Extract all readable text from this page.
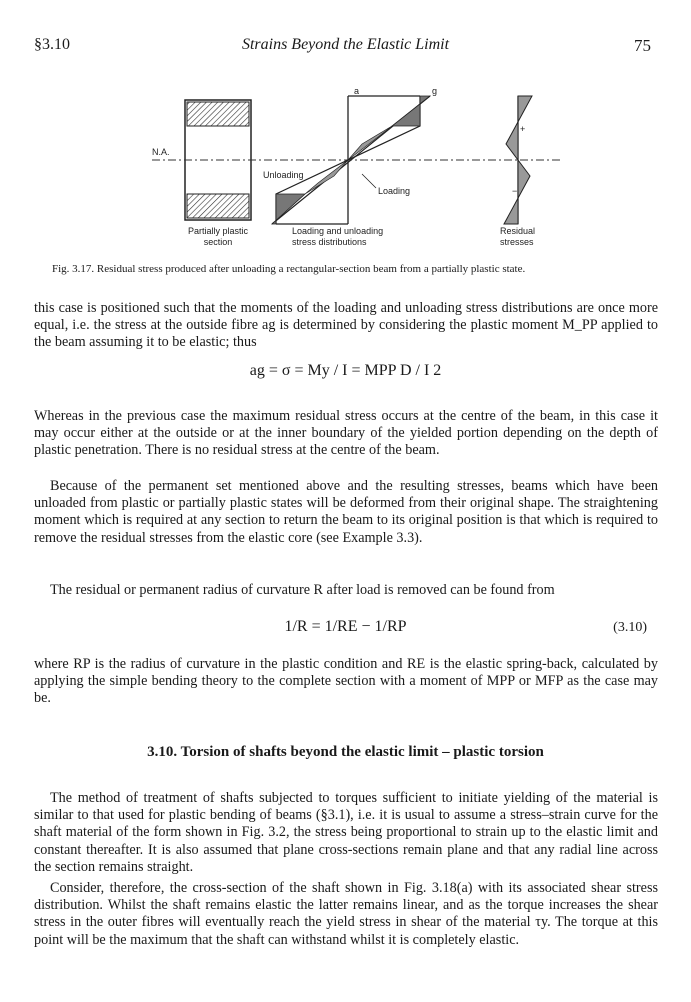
§3.10	Strains Beyond the Elastic Limit	75
N.A.
a	g
Unloading
Loading
+
−
Partially plastic
section
Loading and unloading
stress distributions
Residual
stresses
Fig. 3.17. Residual stress produced after unloading a rectangular-section beam from a partially plastic state.

this case is positioned such that the moments of the loading and unloading stress distributions are once more equal, i.e. the stress at the outside fibre ag is determined by considering the plastic moment M_PP applied to the beam assuming it to be elastic; thus

ag = σ = My / I = MPP D / I 2

Whereas in the previous case the maximum residual stress occurs at the centre of the beam, in this case it may occur either at the outside or at the inner boundary of the yielded portion depending on the depth of plastic penetration. There is no residual stress at the centre of the beam.

Because of the permanent set mentioned above and the resulting stresses, beams which have been unloaded from plastic or partially plastic states will be deformed from their original shape. The straightening moment which is required at any section to return the beam to its original position is that which is required to remove the residual stresses from the elastic core (see Example 3.3).

The residual or permanent radius of curvature R after load is removed can be found from

1/R = 1/RE − 1/RP	(3.10)

where RP is the radius of curvature in the plastic condition and RE is the elastic spring-back, calculated by applying the simple bending theory to the complete section with a moment of MPP or MFP as the case may be.

3.10. Torsion of shafts beyond the elastic limit – plastic torsion

The method of treatment of shafts subjected to torques sufficient to initiate yielding of the material is similar to that used for plastic bending of beams (§3.1), i.e. it is usual to assume a stress–strain curve for the shaft material of the form shown in Fig. 3.2, the stress being proportional to strain up to the elastic limit and constant thereafter. It is also assumed that plane cross-sections remain plane and that any radial line across the section remains straight.

Consider, therefore, the cross-section of the shaft shown in Fig. 3.18(a) with its associated shear stress distribution. Whilst the shaft remains elastic the latter remains linear, and as the torque increases the shear stress in the outer fibres will eventually reach the yield stress in shear of the material τy. The torque at this point will be the maximum that the shaft can withstand whilst it is completely elastic.
